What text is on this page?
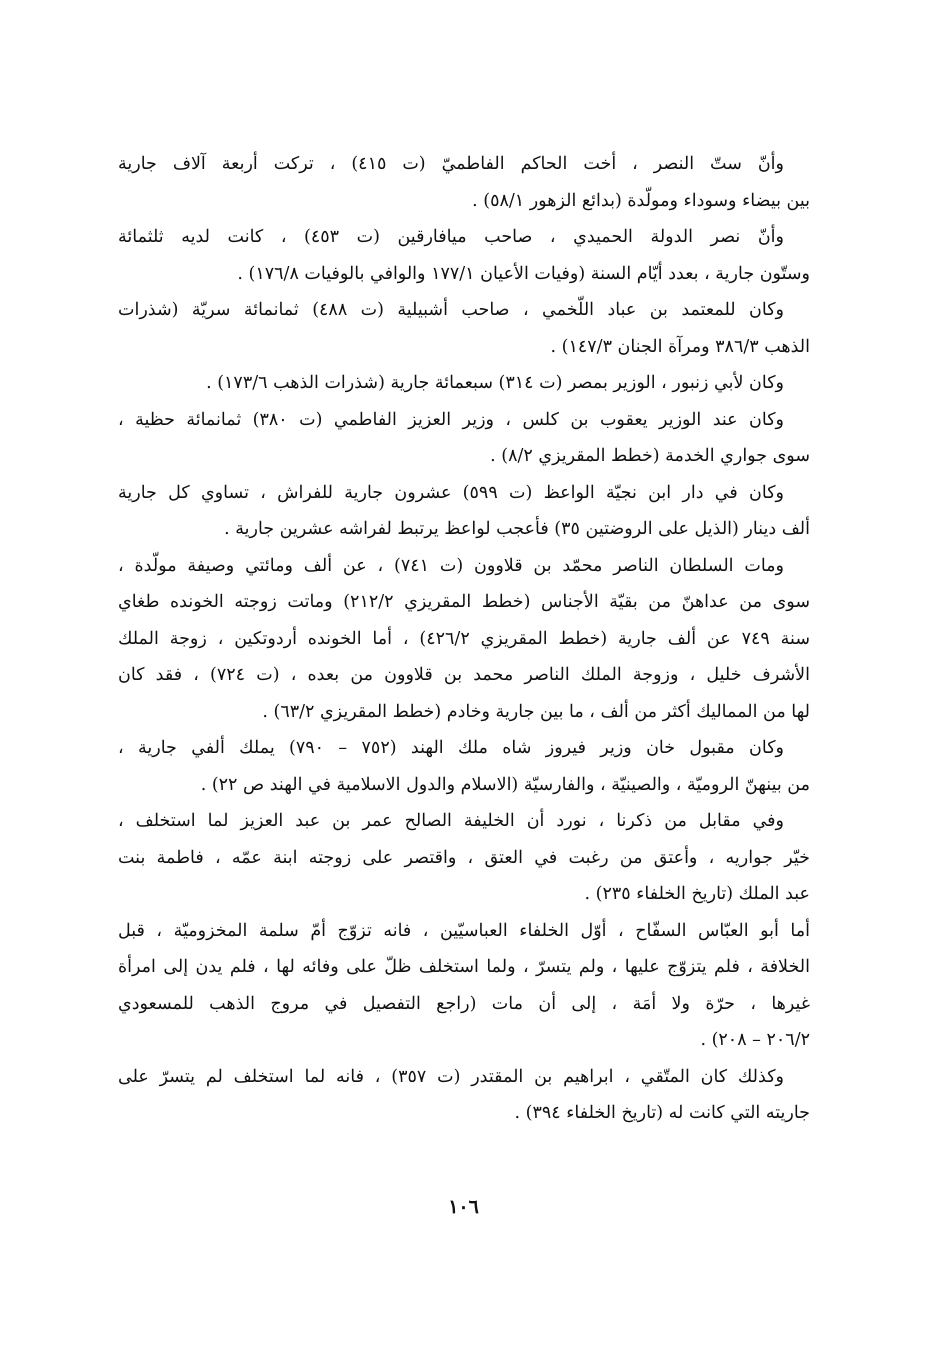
وأنّ ستّ النصر ، أخت الحاكم الفاطميّ (ت ٤١٥) ، تركت أربعة آلاف جارية
بين بيضاء وسوداء ومولّدة (بدائع الزهور ٥٨/١) .
وأنّ نصر الدولة الحميدي ، صاحب ميافارقين (ت ٤٥٣) ، كانت لديه ثلثمائة
وستّون جارية ، بعدد أيّام السنة (وفيات الأعيان ١٧٧/١ والوافي بالوفيات ١٧٦/٨) .
وكان للمعتمد بن عباد اللّخمي ، صاحب أشبيلية (ت ٤٨٨) ثمانمائة سريّة (شذرات
الذهب ٣٨٦/٣ ومرآة الجنان ١٤٧/٣) .
وكان لأبي زنبور ، الوزير بمصر (ت ٣١٤) سبعمائة جارية (شذرات الذهب ١٧٣/٦) .
وكان عند الوزير يعقوب بن كلس ، وزير العزيز الفاطمي (ت ٣٨٠) ثمانمائة حظية ،
سوى جواري الخدمة (خطط المقريزي ٨/٢) .
وكان في دار ابن نجيّة الواعظ (ت ٥٩٩) عشرون جارية للفراش ، تساوي كل جارية
ألف دينار (الذيل على الروضتين ٣٥) فأعجب لواعظ يرتبط لفراشه عشرين جارية .
ومات السلطان الناصر محمّد بن قلاوون (ت ٧٤١) ، عن ألف ومائتي وصيفة مولّدة ،
سوى من عداهنّ من بقيّة الأجناس (خطط المقريزي ٢١٢/٢) وماتت زوجته الخونده طغاي
سنة ٧٤٩ عن ألف جارية (خطط المقريزي ٤٢٦/٢) ، أما الخونده أردوتكين ، زوجة الملك
الأشرف خليل ، وزوجة الملك الناصر محمد بن قلاوون من بعده ، (ت ٧٢٤) ، فقد كان
لها من المماليك أكثر من ألف ، ما بين جارية وخادم (خطط المقريزي ٦٣/٢) .
وكان مقبول خان وزير فيروز شاه ملك الهند (٧٥٢ – ٧٩٠) يملك ألفي جارية ،
من بينهنّ الروميّة ، والصينيّة ، والفارسيّة (الاسلام والدول الاسلامية في الهند ص ٢٢) .
وفي مقابل من ذكرنا ، نورد أن الخليفة الصالح عمر بن عبد العزيز لما استخلف ،
خيّر جواريه ، وأعتق من رغبت في العتق ، واقتصر على زوجته ابنة عمّه ، فاطمة بنت
عبد الملك (تاريخ الخلفاء ٢٣٥) .
أما أبو العبّاس السفّاح ، أوّل الخلفاء العباسيّين ، فانه تزوّج أمّ سلمة المخزوميّة ، قبل
الخلافة ، فلم يتزوّج عليها ، ولم يتسرّ ، ولما استخلف ظلّ على وفائه لها ، فلم يدن إلى امرأة
غيرها ، حرّة ولا أمَة ، إلى أن مات (راجع التفصيل في مروج الذهب للمسعودي
٢٠٦/٢ – ٢٠٨) .
وكذلك كان المتّقي ، ابراهيم بن المقتدر (ت ٣٥٧) ، فانه لما استخلف لم يتسرّ على
جاريته التي كانت له (تاريخ الخلفاء ٣٩٤) .
١٠٦
